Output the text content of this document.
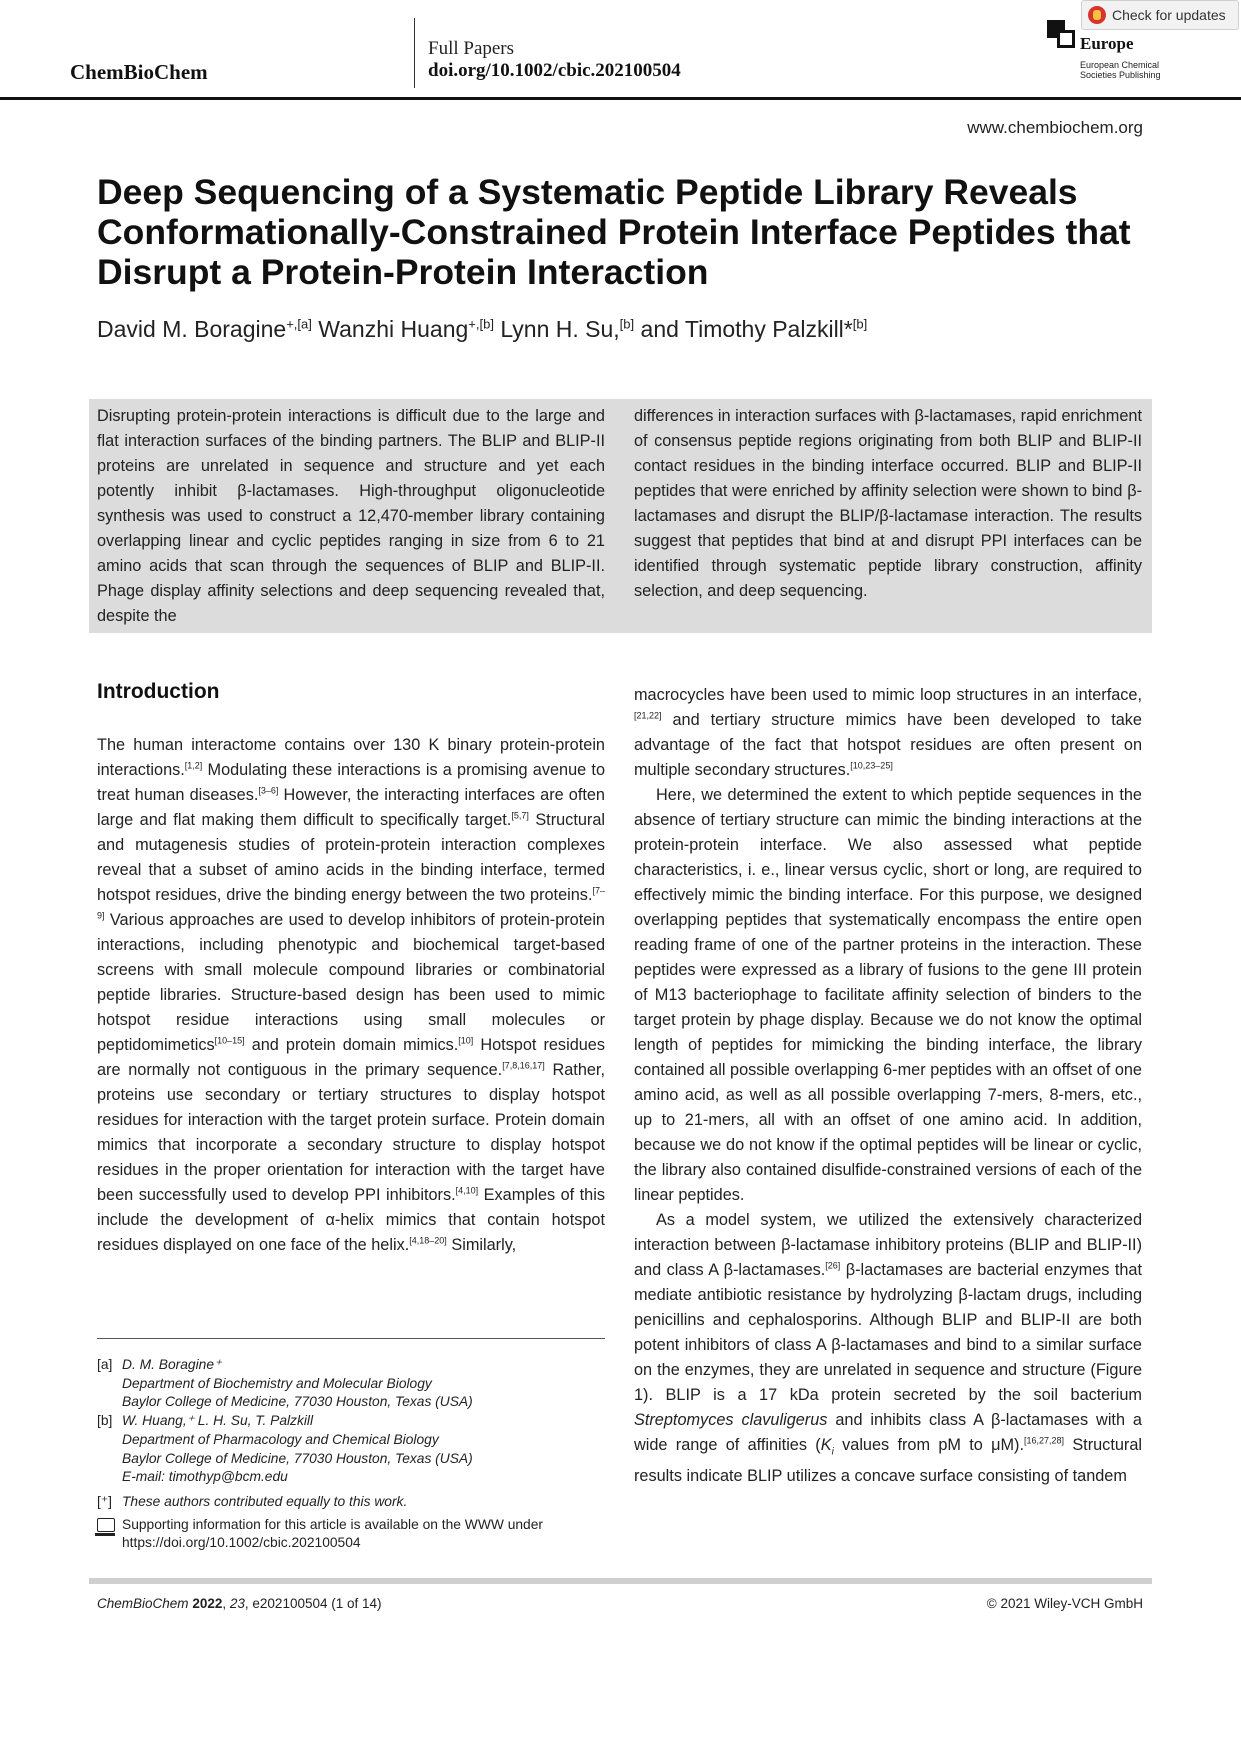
ChemBioChem
Full Papers
doi.org/10.1002/cbic.202100504
Europe
European Chemical Societies Publishing
Check for updates
www.chembiochem.org
Deep Sequencing of a Systematic Peptide Library Reveals Conformationally-Constrained Protein Interface Peptides that Disrupt a Protein-Protein Interaction
David M. Boragine$^{+,[a]}$ Wanzhi Huang$^{+,[b]}$ Lynn H. Su,[b] and Timothy Palzkill*[b]
Disrupting protein-protein interactions is difficult due to the large and flat interaction surfaces of the binding partners. The BLIP and BLIP-II proteins are unrelated in sequence and structure and yet each potently inhibit β-lactamases. High-throughput oligonucleotide synthesis was used to construct a 12,470-member library containing overlapping linear and cyclic peptides ranging in size from 6 to 21 amino acids that scan through the sequences of BLIP and BLIP-II. Phage display affinity selections and deep sequencing revealed that, despite the
differences in interaction surfaces with β-lactamases, rapid enrichment of consensus peptide regions originating from both BLIP and BLIP-II contact residues in the binding interface occurred. BLIP and BLIP-II peptides that were enriched by affinity selection were shown to bind β-lactamases and disrupt the BLIP/β-lactamase interaction. The results suggest that peptides that bind at and disrupt PPI interfaces can be identified through systematic peptide library construction, affinity selection, and deep sequencing.
Introduction

The human interactome contains over 130 K binary protein-protein interactions.[1,2] Modulating these interactions is a promising avenue to treat human diseases.[3–6] However, the interacting interfaces are often large and flat making them difficult to specifically target.[5,7] Structural and mutagenesis studies of protein-protein interaction complexes reveal that a subset of amino acids in the binding interface, termed hotspot residues, drive the binding energy between the two proteins.[7–9] Various approaches are used to develop inhibitors of protein-protein interactions, including phenotypic and biochemical target-based screens with small molecule compound libraries or combinatorial peptide libraries. Structure-based design has been used to mimic hotspot residue interactions using small molecules or peptidomimetics[10–15] and protein domain mimics.[10] Hotspot residues are normally not contiguous in the primary sequence.[7,8,16,17] Rather, proteins use secondary or tertiary structures to display hotspot residues for interaction with the target protein surface. Protein domain mimics that incorporate a secondary structure to display hotspot residues in the proper orientation for interaction with the target have been successfully used to develop PPI inhibitors.[4,10] Examples of this include the development of α-helix mimics that contain hotspot residues displayed on one face of the helix.[4,18–20] Similarly,

macrocycles have been used to mimic loop structures in an interface,[21,22] and tertiary structure mimics have been developed to take advantage of the fact that hotspot residues are often present on multiple secondary structures.[10,23–25]

Here, we determined the extent to which peptide sequences in the absence of tertiary structure can mimic the binding interactions at the protein-protein interface. We also assessed what peptide characteristics, i. e., linear versus cyclic, short or long, are required to effectively mimic the binding interface. For this purpose, we designed overlapping peptides that systematically encompass the entire open reading frame of one of the partner proteins in the interaction. These peptides were expressed as a library of fusions to the gene III protein of M13 bacteriophage to facilitate affinity selection of binders to the target protein by phage display. Because we do not know the optimal length of peptides for mimicking the binding interface, the library contained all possible overlapping 6-mer peptides with an offset of one amino acid, as well as all possible overlapping 7-mers, 8-mers, etc., up to 21-mers, all with an offset of one amino acid. In addition, because we do not know if the optimal peptides will be linear or cyclic, the library also contained disulfide-constrained versions of each of the linear peptides.

As a model system, we utilized the extensively characterized interaction between β-lactamase inhibitory proteins (BLIP and BLIP-II) and class A β-lactamases.[26] β-lactamases are bacterial enzymes that mediate antibiotic resistance by hydrolyzing β-lactam drugs, including penicillins and cephalosporins. Although BLIP and BLIP-II are both potent inhibitors of class A β-lactamases and bind to a similar surface on the enzymes, they are unrelated in sequence and structure (Figure 1). BLIP is a 17 kDa protein secreted by the soil bacterium Streptomyces clavuligerus and inhibits class A β-lactamases with a wide range of affinities ($K_i$ values from pM to μM).[16,27,28] Structural results indicate BLIP utilizes a concave surface consisting of tandem

[a] D. M. Boragine⁺
Department of Biochemistry and Molecular Biology
Baylor College of Medicine, 77030 Houston, Texas (USA)
[b] W. Huang,⁺ L. H. Su, T. Palzkill
Department of Pharmacology and Chemical Biology
Baylor College of Medicine, 77030 Houston, Texas (USA)
E-mail: timothyp@bcm.edu
[⁺] These authors contributed equally to this work.
Supporting information for this article is available on the WWW under https://doi.org/10.1002/cbic.202100504
ChemBioChem 2022, 23, e202100504 (1 of 14)	© 2021 Wiley-VCH GmbH
